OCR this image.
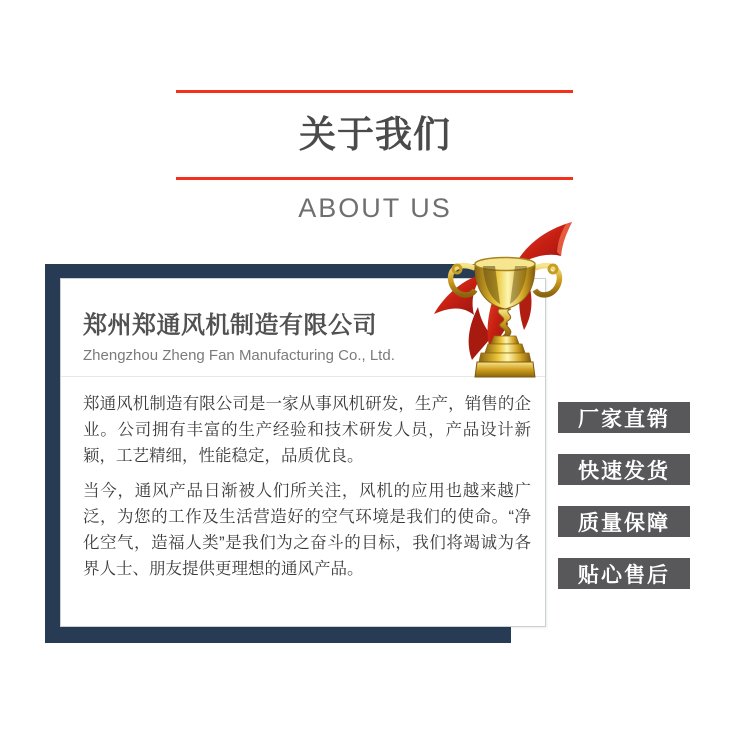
关于我们
ABOUT US
郑州郑通风机制造有限公司
Zhengzhou Zheng Fan Manufacturing Co., Ltd.

郑通风机制造有限公司是一家从事风机研发，生产，销售的企业。公司拥有丰富的生产经验和技术研发人员，产品设计新颖，工艺精细，性能稳定，品质优良。

当今，通风产品日渐被人们所关注，风机的应用也越来越广泛，为您的工作及生活营造好的空气环境是我们的使命。“净化空气，造福人类”是我们为之奋斗的目标，我们将竭诚为各界人士、朋友提供更理想的通风产品。

厂家直销
快速发货
质量保障
贴心售后
